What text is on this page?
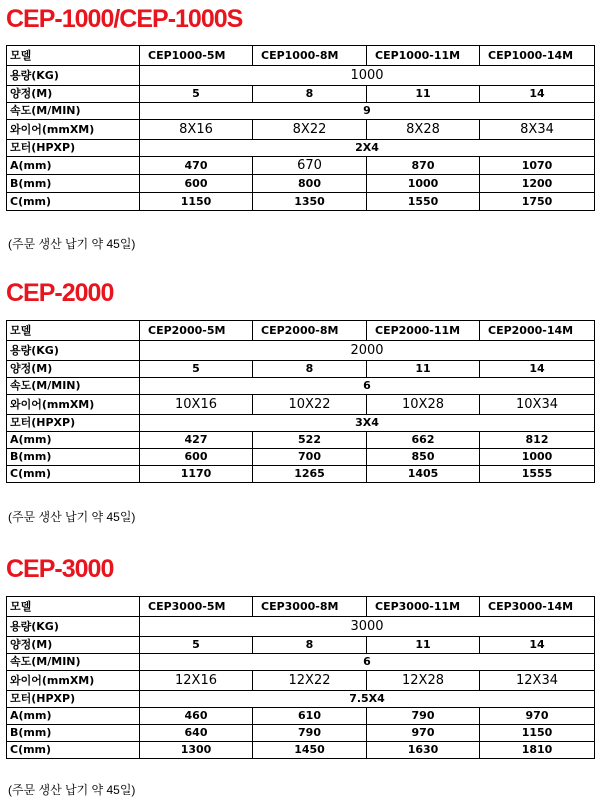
CEP-1000/CEP-1000S
모델	CEP1000-5M	CEP1000-8M	CEP1000-11M	CEP1000-14M
용량(KG)	1000			
양정(M)	5	8	11	14
속도(M/MIN)	9			
와이어(mmXM)	8X16	8X22	8X28	8X34
모터(HPXP)	2X4			
A(mm)	470	670	870	1070
B(mm)	600	800	1000	1200
C(mm)	1150	1350	1550	1750

(주문 생산 납기 약 45일)

CEP-2000
모델	CEP2000-5M	CEP2000-8M	CEP2000-11M	CEP2000-14M
용량(KG)	2000			
양정(M)	5	8	11	14
속도(M/MIN)	6			
와이어(mmXM)	10X16	10X22	10X28	10X34
모터(HPXP)	3X4			
A(mm)	427	522	662	812
B(mm)	600	700	850	1000
C(mm)	1170	1265	1405	1555

(주문 생산 납기 약 45일)

CEP-3000
모델	CEP3000-5M	CEP3000-8M	CEP3000-11M	CEP3000-14M
용량(KG)	3000			
양정(M)	5	8	11	14
속도(M/MIN)	6			
와이어(mmXM)	12X16	12X22	12X28	12X34
모터(HPXP)	7.5X4			
A(mm)	460	610	790	970
B(mm)	640	790	970	1150
C(mm)	1300	1450	1630	1810

(주문 생산 납기 약 45일)
